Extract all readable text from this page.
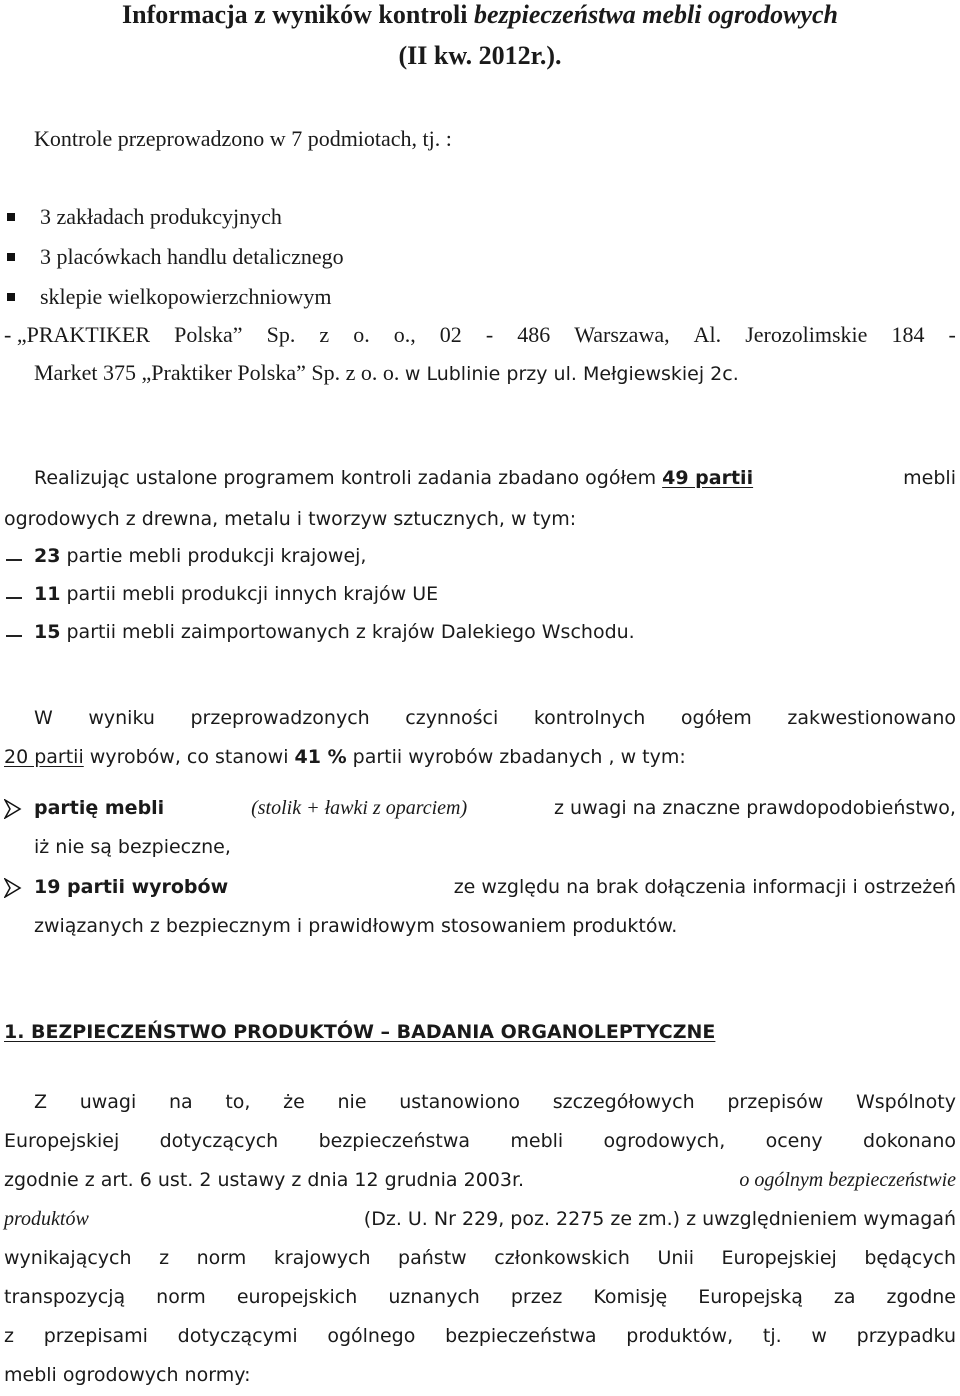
Informacja z wyników kontroli bezpieczeństwa mebli ogrodowych
(II kw. 2012r.).
Kontrole przeprowadzono w 7 podmiotach, tj. :
3 zakładach produkcyjnych
3 placówkach handlu detalicznego
sklepie wielkopowierzchniowym
- „PRAKTIKER Polska” Sp. z o. o., 02 - 486 Warszawa, Al. Jerozolimskie 184 -
Market 375 „Praktiker Polska” Sp. z o. o. w Lublinie przy ul. Mełgiewskiej 2c.
Realizując ustalone programem kontroli zadania zbadano ogółem 49 partii	mebli
ogrodowych z drewna, metalu i tworzyw sztucznych, w tym:
23 partie mebli produkcji krajowej,
11 partii mebli produkcji innych krajów UE
15 partii mebli zaimportowanych z krajów Dalekiego Wschodu.
W wyniku przeprowadzonych czynności kontrolnych ogółem zakwestionowano
20 partii wyrobów, co stanowi 41 % partii wyrobów zbadanych , w tym:
partię mebli	(stolik + ławki z oparciem)	z uwagi na znaczne prawdopodobieństwo,
iż nie są bezpieczne,
19 partii wyrobów	ze względu na brak dołączenia informacji i ostrzeżeń
związanych z bezpiecznym i prawidłowym stosowaniem produktów.
1. BEZPIECZEŃSTWO PRODUKTÓW – BADANIA ORGANOLEPTYCZNE
Z uwagi na to, że nie ustanowiono szczegółowych przepisów Wspólnoty
Europejskiej dotyczących bezpieczeństwa mebli ogrodowych, oceny dokonano
zgodnie z art. 6 ust. 2 ustawy z dnia 12 grudnia 2003r.	o ogólnym bezpieczeństwie
produktów	(Dz. U. Nr 229, poz. 2275 ze zm.) z uwzględnieniem wymagań
wynikających z norm krajowych państw członkowskich Unii Europejskiej będących
transpozycją norm europejskich uznanych przez Komisję Europejską za zgodne
z przepisami dotyczącymi ogólnego bezpieczeństwa produktów, tj. w przypadku
mebli ogrodowych normy:
